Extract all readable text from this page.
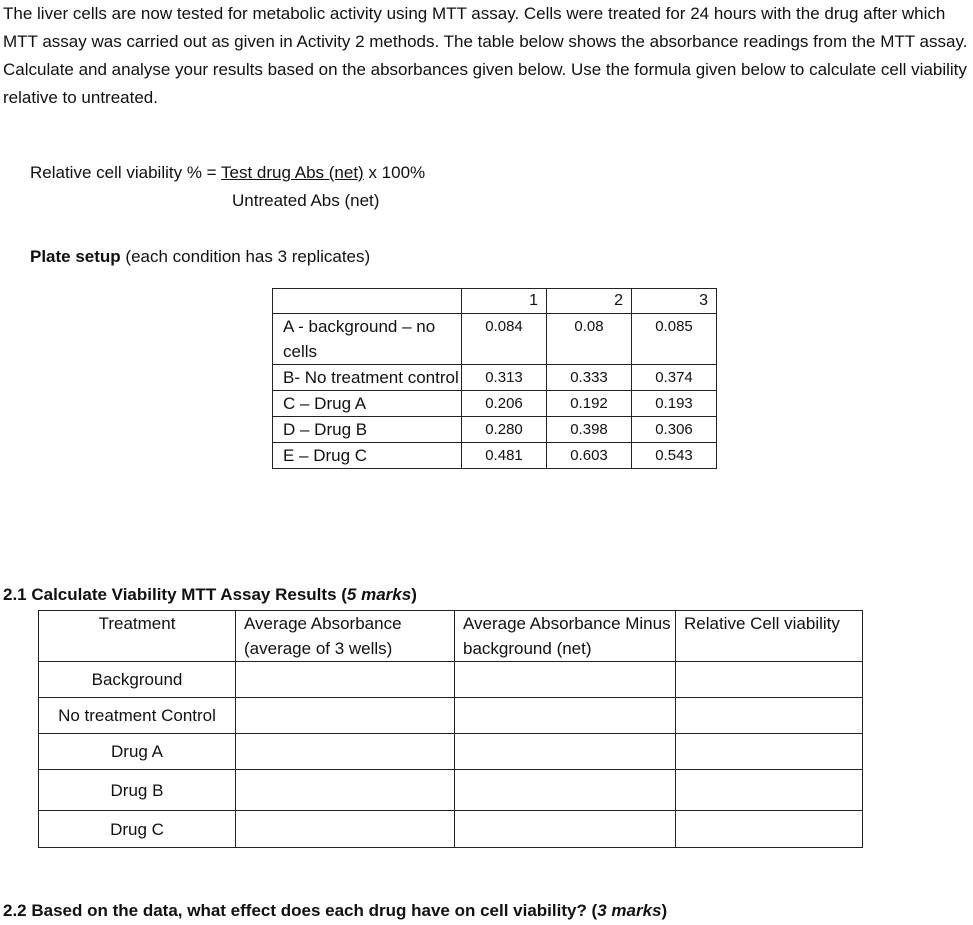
The liver cells are now tested for metabolic activity using MTT assay. Cells were treated for 24 hours with the drug after which MTT assay was carried out as given in Activity 2 methods. The table below shows the absorbance readings from the MTT assay. Calculate and analyse your results based on the absorbances given below. Use the formula given below to calculate cell viability relative to untreated.

Relative cell viability % = Test drug Abs (net) x 100%
Untreated Abs (net)
Plate setup (each condition has 3 replicates)
	1	2	3
A - background – no cells	0.084	0.08	0.085
B- No treatment control	0.313	0.333	0.374
C – Drug A	0.206	0.192	0.193
D – Drug B	0.280	0.398	0.306
E – Drug C	0.481	0.603	0.543
2.1 Calculate Viability MTT Assay Results (5 marks)
Treatment	Average Absorbance (average of 3 wells)	Average Absorbance Minus background (net)	Relative Cell viability
Background			
No treatment Control			
Drug A			
Drug B			
Drug C			
2.2 Based on the data, what effect does each drug have on cell viability? (3 marks)
